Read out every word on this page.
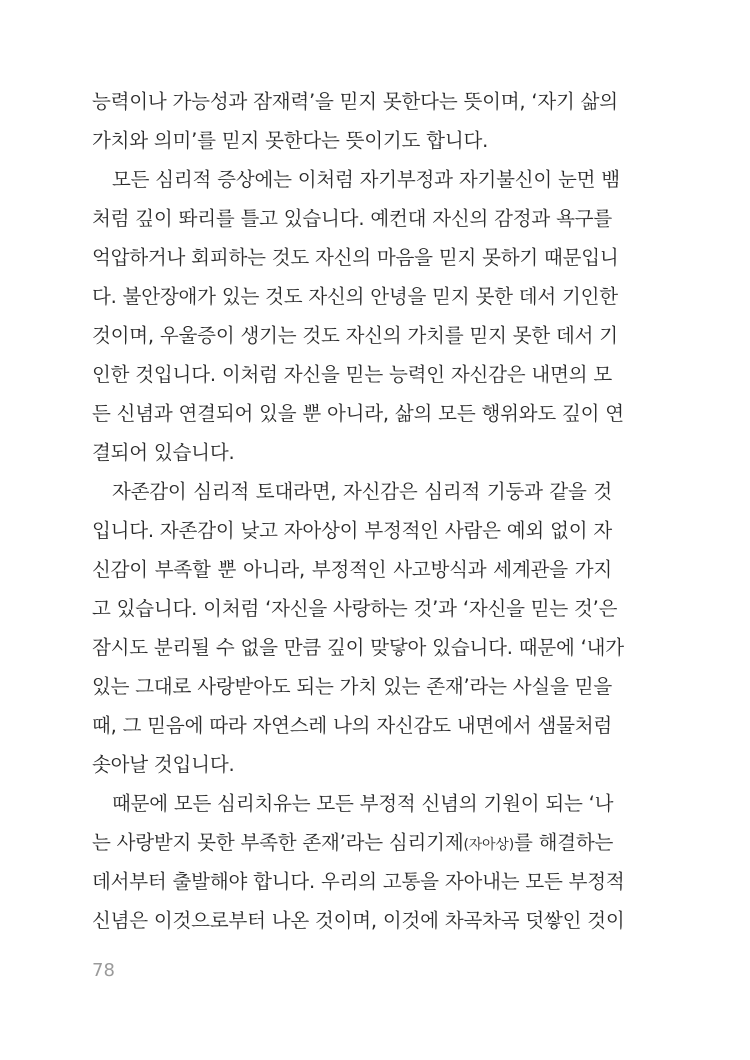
능력이나 가능성과 잠재력’을 믿지 못한다는 뜻이며, ‘자기 삶의
가치와 의미’를 믿지 못한다는 뜻이기도 합니다.
모든 심리적 증상에는 이처럼 자기부정과 자기불신이 눈먼 뱀
처럼 깊이 똬리를 틀고 있습니다. 예컨대 자신의 감정과 욕구를
억압하거나 회피하는 것도 자신의 마음을 믿지 못하기 때문입니
다. 불안장애가 있는 것도 자신의 안녕을 믿지 못한 데서 기인한
것이며, 우울증이 생기는 것도 자신의 가치를 믿지 못한 데서 기
인한 것입니다. 이처럼 자신을 믿는 능력인 자신감은 내면의 모
든 신념과 연결되어 있을 뿐 아니라, 삶의 모든 행위와도 깊이 연
결되어 있습니다.
자존감이 심리적 토대라면, 자신감은 심리적 기둥과 같을 것
입니다. 자존감이 낮고 자아상이 부정적인 사람은 예외 없이 자
신감이 부족할 뿐 아니라, 부정적인 사고방식과 세계관을 가지
고 있습니다. 이처럼 ‘자신을 사랑하는 것’과 ‘자신을 믿는 것’은
잠시도 분리될 수 없을 만큼 깊이 맞닿아 있습니다. 때문에 ‘내가
있는 그대로 사랑받아도 되는 가치 있는 존재’라는 사실을 믿을
때, 그 믿음에 따라 자연스레 나의 자신감도 내면에서 샘물처럼
솟아날 것입니다.
때문에 모든 심리치유는 모든 부정적 신념의 기원이 되는 ‘나
는 사랑받지 못한 부족한 존재’라는 심리기제(자아상)를 해결하는
데서부터 출발해야 합니다. 우리의 고통을 자아내는 모든 부정적
신념은 이것으로부터 나온 것이며, 이것에 차곡차곡 덧쌓인 것이
78
